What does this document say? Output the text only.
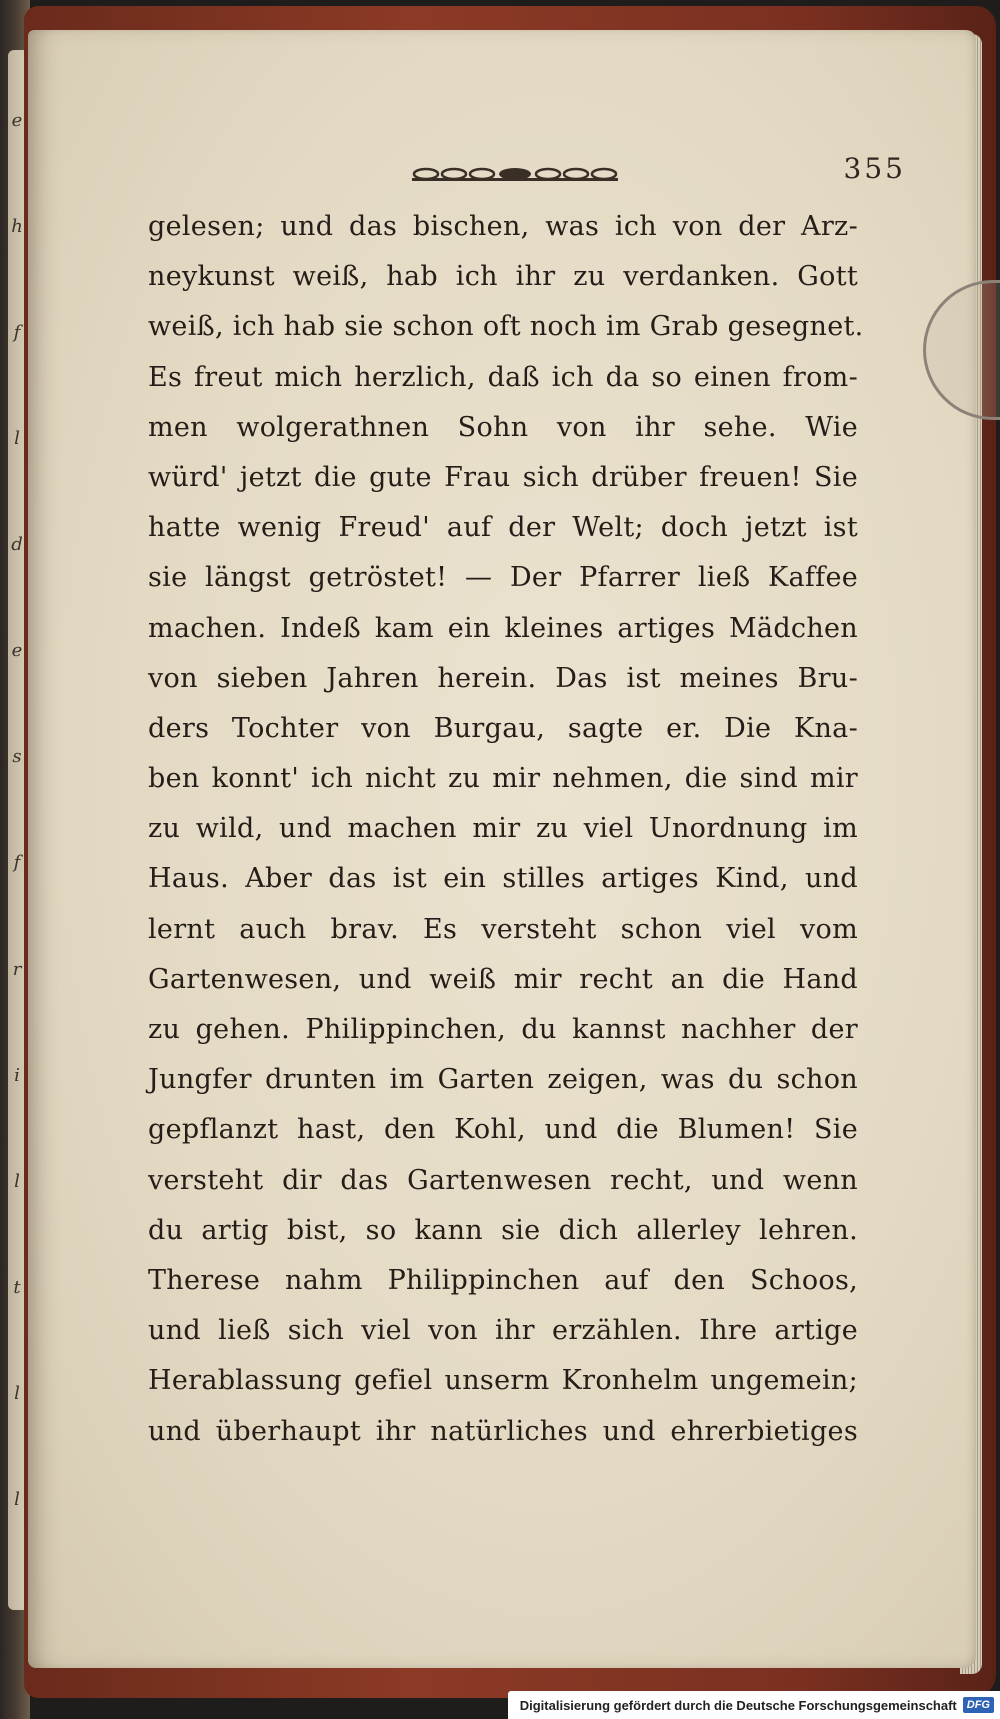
e
h
f
l
d
e
s
f
r
i
l
t
l
l
355
gelesen; und das bischen, was ich von der Arz-
neykunst weiß, hab ich ihr zu verdanken. Gott
weiß, ich hab sie schon oft noch im Grab gesegnet.
Es freut mich herzlich, daß ich da so einen from-
men wolgerathnen Sohn von ihr sehe. Wie
würd' jetzt die gute Frau sich drüber freuen! Sie
hatte wenig Freud' auf der Welt; doch jetzt ist
sie längst getröstet! — Der Pfarrer ließ Kaffee
machen. Indeß kam ein kleines artiges Mädchen
von sieben Jahren herein. Das ist meines Bru-
ders Tochter von Burgau, sagte er. Die Kna-
ben konnt' ich nicht zu mir nehmen, die sind mir
zu wild, und machen mir zu viel Unordnung im
Haus. Aber das ist ein stilles artiges Kind, und
lernt auch brav. Es versteht schon viel vom
Gartenwesen, und weiß mir recht an die Hand
zu gehen. Philippinchen, du kannst nachher der
Jungfer drunten im Garten zeigen, was du schon
gepflanzt hast, den Kohl, und die Blumen! Sie
versteht dir das Gartenwesen recht, und wenn
du artig bist, so kann sie dich allerley lehren.
Therese nahm Philippinchen auf den Schoos,
und ließ sich viel von ihr erzählen. Ihre artige
Herablassung gefiel unserm Kronhelm ungemein;
und überhaupt ihr natürliches und ehrerbietiges
Digitalisierung gefördert durch die Deutsche Forschungsgemeinschaft DFG
